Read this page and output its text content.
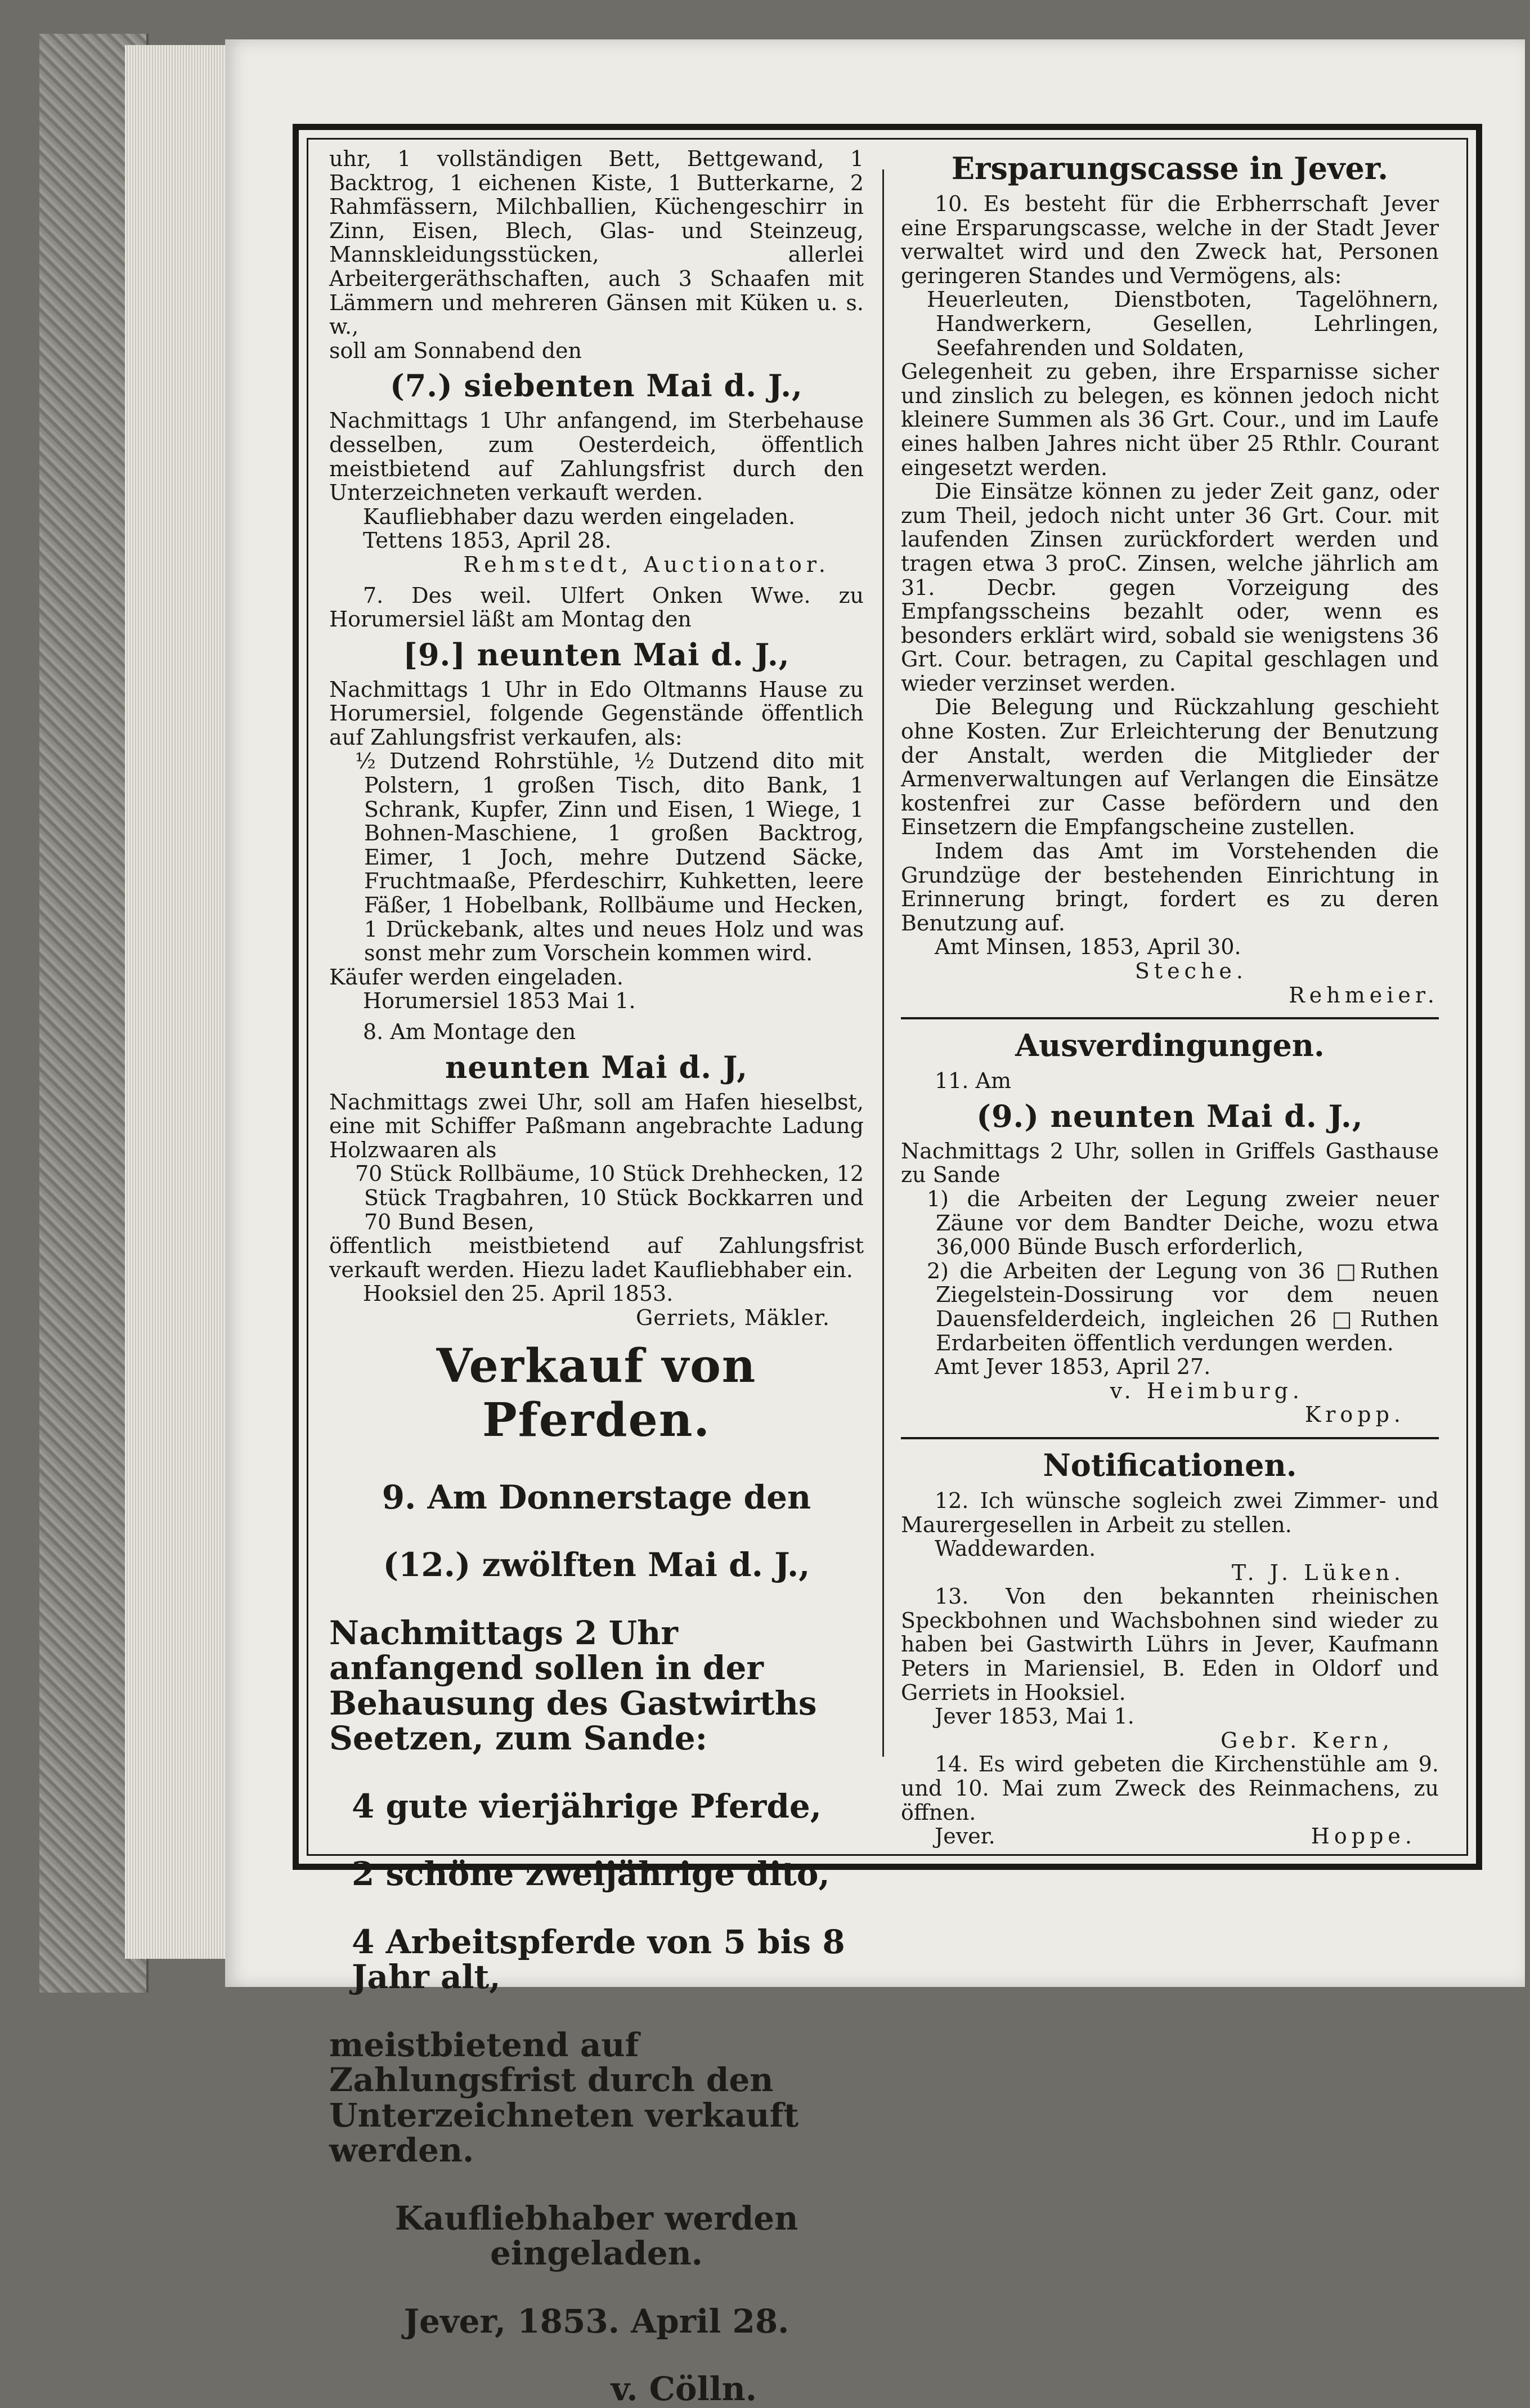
uhr, 1 vollständigen Bett, Bettgewand, 1 Backtrog, 1 eichenen Kiste, 1 Butterkarne, 2 Rahmfässern, Milchballien, Küchengeschirr in Zinn, Eisen, Blech, Glas- und Steinzeug, Mannskleidungsstücken, allerlei Arbeitergeräthschaften, auch 3 Schaafen mit Lämmern und mehreren Gänsen mit Küken u. s. w.,

soll am Sonnabend den

(7.) siebenten Mai d. J.,

Nachmittags 1 Uhr anfangend, im Sterbehause desselben, zum Oesterdeich, öffentlich meistbietend auf Zahlungsfrist durch den Unterzeichneten verkauft werden.

Kaufliebhaber dazu werden eingeladen.

Tettens 1853, April 28.

Rehmstedt, Auctionator.

7. Des weil. Ulfert Onken Wwe. zu Horumersiel läßt am Montag den

[9.] neunten Mai d. J.,

Nachmittags 1 Uhr in Edo Oltmanns Hause zu Horumersiel, folgende Gegenstände öffentlich auf Zahlungsfrist verkaufen, als:

½ Dutzend Rohrstühle, ½ Dutzend dito mit Polstern, 1 großen Tisch, dito Bank, 1 Schrank, Kupfer, Zinn und Eisen, 1 Wiege, 1 Bohnen-Maschiene, 1 großen Backtrog, Eimer, 1 Joch, mehre Dutzend Säcke, Fruchtmaaße, Pferdeschirr, Kuhketten, leere Fäßer, 1 Hobelbank, Rollbäume und Hecken, 1 Drückebank, altes und neues Holz und was sonst mehr zum Vorschein kommen wird.

Käufer werden eingeladen.

Horumersiel 1853 Mai 1.

8. Am Montage den

neunten Mai d. J,

Nachmittags zwei Uhr, soll am Hafen hieselbst, eine mit Schiffer Paßmann angebrachte Ladung Holzwaaren als

70 Stück Rollbäume, 10 Stück Drehhecken, 12 Stück Tragbahren, 10 Stück Bockkarren und 70 Bund Besen,

öffentlich meistbietend auf Zahlungsfrist verkauft werden. Hiezu ladet Kaufliebhaber ein.

Hooksiel den 25. April 1853.

Gerriets, Mäkler.

Verkauf von Pferden.

9. Am Donnerstage den

(12.) zwölften Mai d. J.,

Nachmittags 2 Uhr anfangend sollen in der Behausung des Gastwirths Seetzen, zum Sande:

4 gute vierjährige Pferde,

2 schöne zweijährige dito,

4 Arbeitspferde von 5 bis 8 Jahr alt,

meistbietend auf Zahlungsfrist durch den Unterzeichneten verkauft werden.

Kaufliebhaber werden eingeladen.

Jever, 1853. April 28.

v. Cölln.

Ersparungscasse in Jever.

10. Es besteht für die Erbherrschaft Jever eine Ersparungscasse, welche in der Stadt Jever verwaltet wird und den Zweck hat, Personen geringeren Standes und Vermögens, als:

Heuerleuten, Dienstboten, Tagelöhnern, Handwerkern, Gesellen, Lehrlingen, Seefahrenden und Soldaten,

Gelegenheit zu geben, ihre Ersparnisse sicher und zinslich zu belegen, es können jedoch nicht kleinere Summen als 36 Grt. Cour., und im Laufe eines halben Jahres nicht über 25 Rthlr. Courant eingesetzt werden.

Die Einsätze können zu jeder Zeit ganz, oder zum Theil, jedoch nicht unter 36 Grt. Cour. mit laufenden Zinsen zurückfordert werden und tragen etwa 3 proC. Zinsen, welche jährlich am 31. Decbr. gegen Vorzeigung des Empfangsscheins bezahlt oder, wenn es besonders erklärt wird, sobald sie wenigstens 36 Grt. Cour. betragen, zu Capital geschlagen und wieder verzinset werden.

Die Belegung und Rückzahlung geschieht ohne Kosten. Zur Erleichterung der Benutzung der Anstalt, werden die Mitglieder der Armenverwaltungen auf Verlangen die Einsätze kostenfrei zur Casse befördern und den Einsetzern die Empfangscheine zustellen.

Indem das Amt im Vorstehenden die Grundzüge der bestehenden Einrichtung in Erinnerung bringt, fordert es zu deren Benutzung auf.

Amt Minsen, 1853, April 30.

Steche.

Rehmeier.

Ausverdingungen.

11. Am

(9.) neunten Mai d. J.,

Nachmittags 2 Uhr, sollen in Griffels Gasthause zu Sande

1) die Arbeiten der Legung zweier neuer Zäune vor dem Bandter Deiche, wozu etwa 36,000 Bünde Busch erforderlich,

2) die Arbeiten der Legung von 36 □Ruthen Ziegelstein-Dossirung vor dem neuen Dauensfelderdeich, ingleichen 26 □Ruthen Erdarbeiten öffentlich verdungen werden.

Amt Jever 1853, April 27.

v. Heimburg.

Kropp.

Notificationen.

12. Ich wünsche sogleich zwei Zimmer- und Maurergesellen in Arbeit zu stellen.

Waddewarden.

T. J. Lüken.

13. Von den bekannten rheinischen Speckbohnen und Wachsbohnen sind wieder zu haben bei Gastwirth Lührs in Jever, Kaufmann Peters in Mariensiel, B. Eden in Oldorf und Gerriets in Hooksiel.

Jever 1853, Mai 1.

Gebr. Kern,

14. Es wird gebeten die Kirchenstühle am 9. und 10. Mai zum Zweck des Reinmachens, zu öffnen.

Jever.	Hoppe.
